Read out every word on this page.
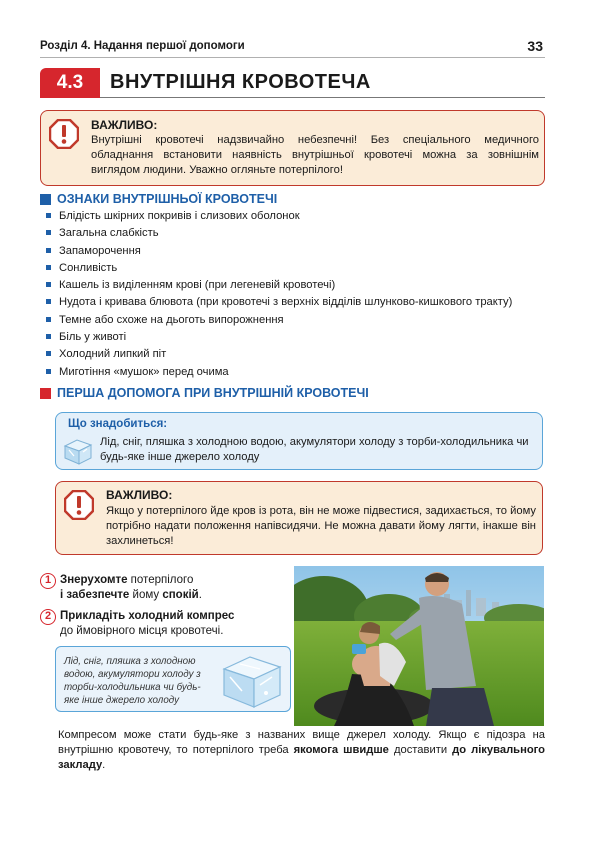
Розділ 4. Надання першої допомоги	33
4.3	ВНУТРІШНЯ КРОВОТЕЧА
ВАЖЛИВО:
Внутрішні кровотечі надзвичайно небезпечні! Без спеціального медичного обладнання встановити наявність внутрішньої кровотечі можна за зовнішнім виглядом людини. Уважно огляньте потерпілого!
ОЗНАКИ ВНУТРІШНЬОЇ КРОВОТЕЧІ
Блідість шкірних покривів і слизових оболонок
Загальна слабкість
Запаморочення
Сонливість
Кашель із виділенням крові (при легеневій кровотечі)
Нудота і кривава блювота (при кровотечі з верхніх відділів шлунково-кишкового тракту)
Темне або схоже на дьоготь випорожнення
Біль у животі
Холодний липкий піт
Миготіння «мушок» перед очима
ПЕРША ДОПОМОГА ПРИ ВНУТРІШНІЙ КРОВОТЕЧІ
Що знадобиться:
Лід, сніг, пляшка з холодною водою, акумулятори холоду з торби-холодильника чи будь-яке інше джерело холоду
ВАЖЛИВО:
Якщо у потерпілого йде кров із рота, він не може підвестися, задихається, то йому потрібно надати положення напівсидячи. Не можна давати йому лягти, інакше він захлинеться!
1 Знерухомте потерпілого
і забезпечте йому спокій.
2 Прикладіть холодний компрес
до ймовірного місця кровотечі.
Лід, сніг, пляшка з холодною водою, акумулятори холоду з торби-холодильника чи будь-яке інше джерело холоду
Компресом може стати будь-яке з названих вище джерел холоду. Якщо є підозра на внутрішню кровотечу, то потерпілого треба якомога швидше доставити до лікувального закладу.
